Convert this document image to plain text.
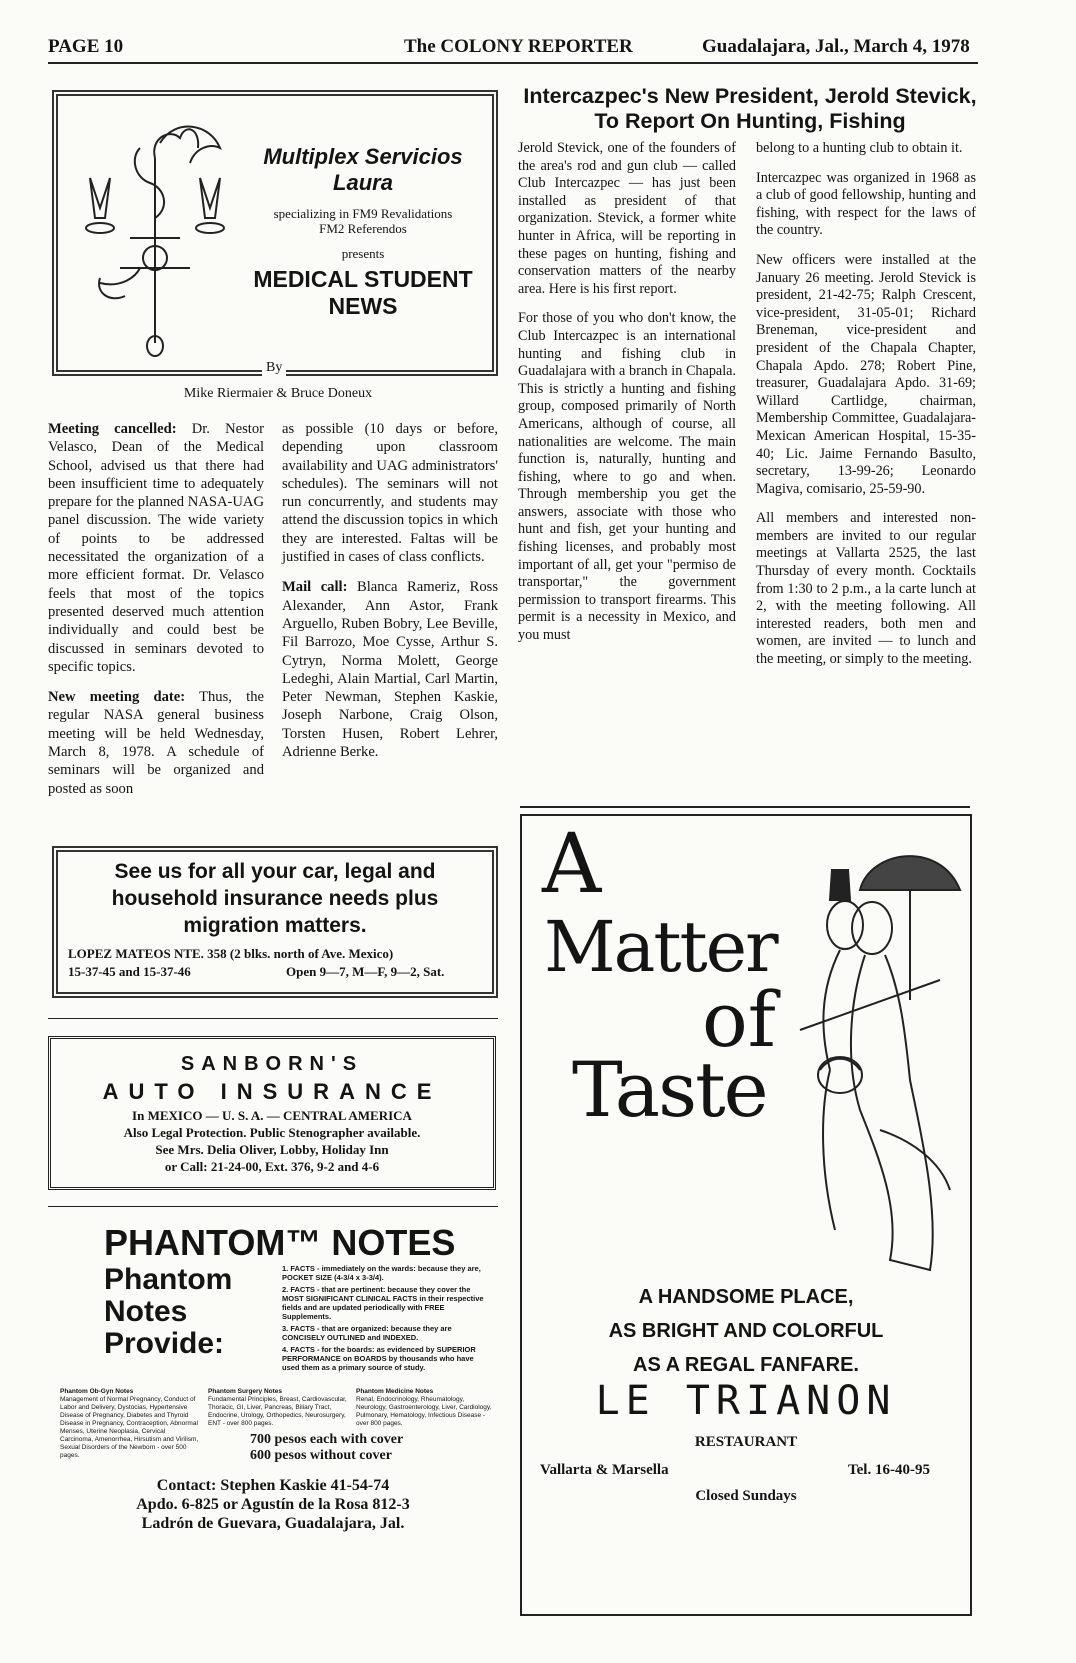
PAGE 10	The COLONY REPORTER	Guadalajara, Jal., March 4, 1978
Multiplex Servicios
Laura
specializing in FM9 Revalidations
FM2 Referendos
presents
MEDICAL STUDENT NEWS
By
Mike Riermaier & Bruce Doneux

Meeting cancelled: Dr. Nestor Velasco, Dean of the Medical School, advised us that there had been insufficient time to adequately prepare for the planned NASA-UAG panel discussion. The wide variety of points to be addressed necessitated the organization of a more efficient format. Dr. Velasco feels that most of the topics presented deserved much attention individually and could best be discussed in seminars devoted to specific topics.

New meeting date: Thus, the regular NASA general business meeting will be held Wednesday, March 8, 1978. A schedule of seminars will be organized and posted as soon

as possible (10 days or before, depending upon classroom availability and UAG administrators' schedules). The seminars will not run concurrently, and students may attend the discussion topics in which they are interested. Faltas will be justified in cases of class conflicts.

Mail call: Blanca Rameriz, Ross Alexander, Ann Astor, Frank Arguello, Ruben Bobry, Lee Beville, Fil Barrozo, Moe Cysse, Arthur S. Cytryn, Norma Molett, George Ledeghi, Alain Martial, Carl Martin, Peter Newman, Stephen Kaskie, Joseph Narbone, Craig Olson, Torsten Husen, Robert Lehrer, Adrienne Berke.

Intercazpec's New President, Jerold Stevick, To Report On Hunting, Fishing

Jerold Stevick, one of the founders of the area's rod and gun club — called Club Intercazpec — has just been installed as president of that organization. Stevick, a former white hunter in Africa, will be reporting in these pages on hunting, fishing and conservation matters of the nearby area. Here is his first report.

For those of you who don't know, the Club Intercazpec is an international hunting and fishing club in Guadalajara with a branch in Chapala. This is strictly a hunting and fishing group, composed primarily of North Americans, although of course, all nationalities are welcome. The main function is, naturally, hunting and fishing, where to go and when. Through membership you get the answers, associate with those who hunt and fish, get your hunting and fishing licenses, and probably most important of all, get your "permiso de transportar," the government permission to transport firearms. This permit is a necessity in Mexico, and you must

belong to a hunting club to obtain it.

Intercazpec was organized in 1968 as a club of good fellowship, hunting and fishing, with respect for the laws of the country.

New officers were installed at the January 26 meeting. Jerold Stevick is president, 21-42-75; Ralph Crescent, vice-president, 31-05-01; Richard Breneman, vice-president and president of the Chapala Chapter, Chapala Apdo. 278; Robert Pine, treasurer, Guadalajara Apdo. 31-69; Willard Cartlidge, chairman, Membership Committee, Guadalajara-Mexican American Hospital, 15-35-40; Lic. Jaime Fernando Basulto, secretary, 13-99-26; Leonardo Magiva, comisario, 25-59-90.

All members and interested non-members are invited to our regular meetings at Vallarta 2525, the last Thursday of every month. Cocktails from 1:30 to 2 p.m., a la carte lunch at 2, with the meeting following. All interested readers, both men and women, are invited — to lunch and the meeting, or simply to the meeting.

See us for all your car, legal and
household insurance needs plus
migration matters.
LOPEZ MATEOS NTE. 358 (2 blks. north of Ave. Mexico)
15-37-45 and 15-37-46	Open 9—7, M—F, 9—2, Sat.
SANBORN'S
AUTO INSURANCE
In MEXICO — U. S. A. — CENTRAL AMERICA
Also Legal Protection. Public Stenographer available.
See Mrs. Delia Oliver, Lobby, Holiday Inn
or Call: 21-24-00, Ext. 376, 9-2 and 4-6
PHANTOM™ NOTES
Phantom
Notes
Provide:
1. FACTS - immediately on the wards: because they are, POCKET SIZE (4-3/4 x 3-3/4).
2. FACTS - that are pertinent: because they cover the MOST SIGNIFICANT CLINICAL FACTS in their respective fields and are updated periodically with FREE Supplements.
3. FACTS - that are organized: because they are CONCISELY OUTLINED and INDEXED.
4. FACTS - for the boards: as evidenced by SUPERIOR PERFORMANCE on BOARDS by thousands who have used them as a primary source of study.
Phantom Ob-Gyn Notes
Management of Normal Pregnancy, Conduct of Labor and Delivery, Dystocias, Hypertensive Disease of Pregnancy, Diabetes and Thyroid Disease in Pregnancy, Contraception, Abnormal Menses, Uterine Neoplasia, Cervical Carcinoma, Amenorrhea, Hirsutism and Virilism, Sexual Disorders of the Newborn - over 500 pages.
Phantom Surgery Notes
Fundamental Principles, Breast, Cardiovascular, Thoracic, GI, Liver, Pancreas, Biliary Tract, Endocrine, Urology, Orthopedics, Neurosurgery, ENT - over 800 pages.
Phantom Medicine Notes
Renal, Endocrinology, Rheumatology, Neurology, Gastroenterology, Liver, Cardiology, Pulmonary, Hematology, Infectious Disease - over 800 pages.
700 pesos each with cover
600 pesos without cover
Contact: Stephen Kaskie 41-54-74
Apdo. 6-825 or Agustín de la Rosa 812-3
Ladrón de Guevara, Guadalajara, Jal.
A
Matter
of
Taste
A HANDSOME PLACE,
AS BRIGHT AND COLORFUL
AS A REGAL FANFARE.
LE TRIANON
RESTAURANT
Vallarta & Marsella	Tel. 16-40-95
Closed Sundays
